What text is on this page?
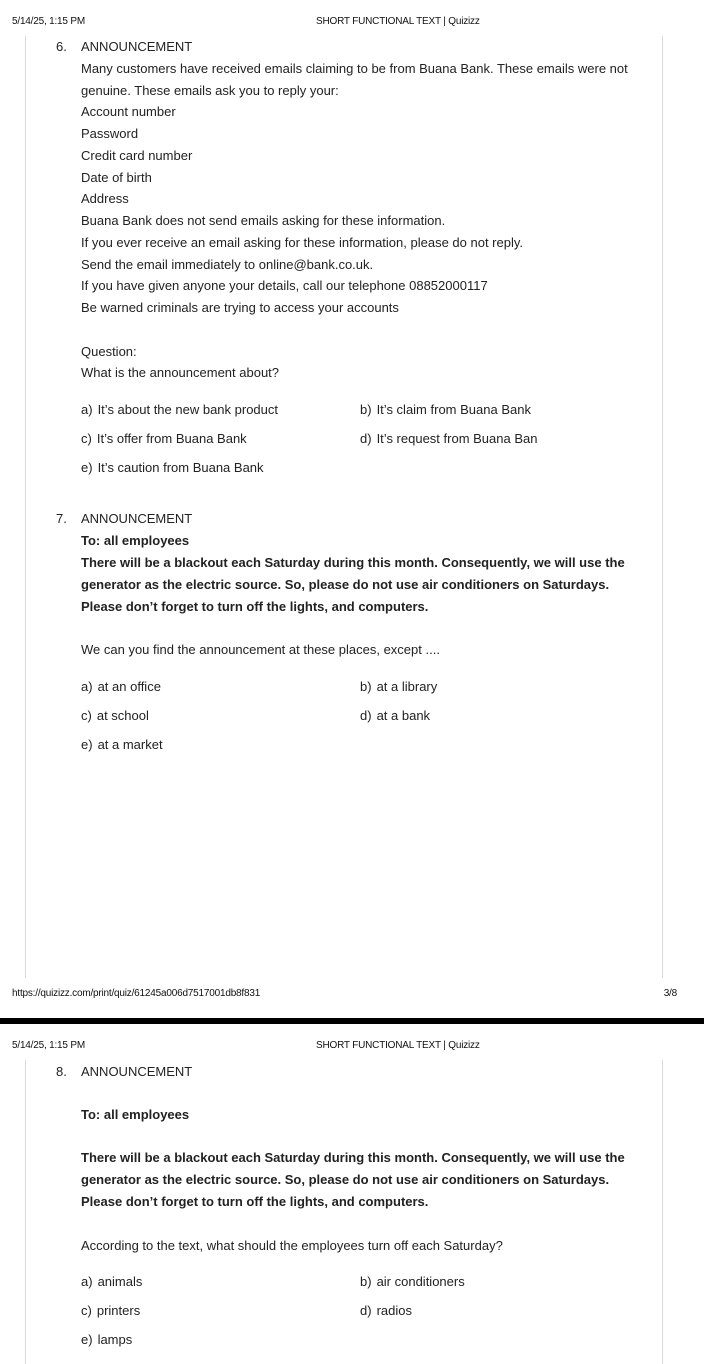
5/14/25, 1:15 PM	SHORT FUNCTIONAL TEXT | Quizizz
6. ANNOUNCEMENT
Many customers have received emails claiming to be from Buana Bank. These emails were not
genuine. These emails ask you to reply your:
Account number
Password
Credit card number
Date of birth
Address
Buana Bank does not send emails asking for these information.
If you ever receive an email asking for these information, please do not reply.
Send the email immediately to online@bank.co.uk.
If you have given anyone your details, call our telephone 08852000117
Be warned criminals are trying to access your accounts
Question:
What is the announcement about?
a) It’s about the new bank product	b) It’s claim from Buana Bank
c) It’s offer from Buana Bank	d) It’s request from Buana Ban
e) It’s caution from Buana Bank
7. ANNOUNCEMENT
To: all employees
There will be a blackout each Saturday during this month. Consequently, we will use the
generator as the electric source. So, please do not use air conditioners on Saturdays.
Please don’t forget to turn off the lights, and computers.
We can you find the announcement at these places, except ....
a) at an office	b) at a library
c) at school	d) at a bank
e) at a market
https://quizizz.com/print/quiz/61245a006d7517001db8f831	3/8
5/14/25, 1:15 PM	SHORT FUNCTIONAL TEXT | Quizizz
8. ANNOUNCEMENT
To: all employees
There will be a blackout each Saturday during this month. Consequently, we will use the
generator as the electric source. So, please do not use air conditioners on Saturdays.
Please don’t forget to turn off the lights, and computers.
According to the text, what should the employees turn off each Saturday?
a) animals	b) air conditioners
c) printers	d) radios
e) lamps
